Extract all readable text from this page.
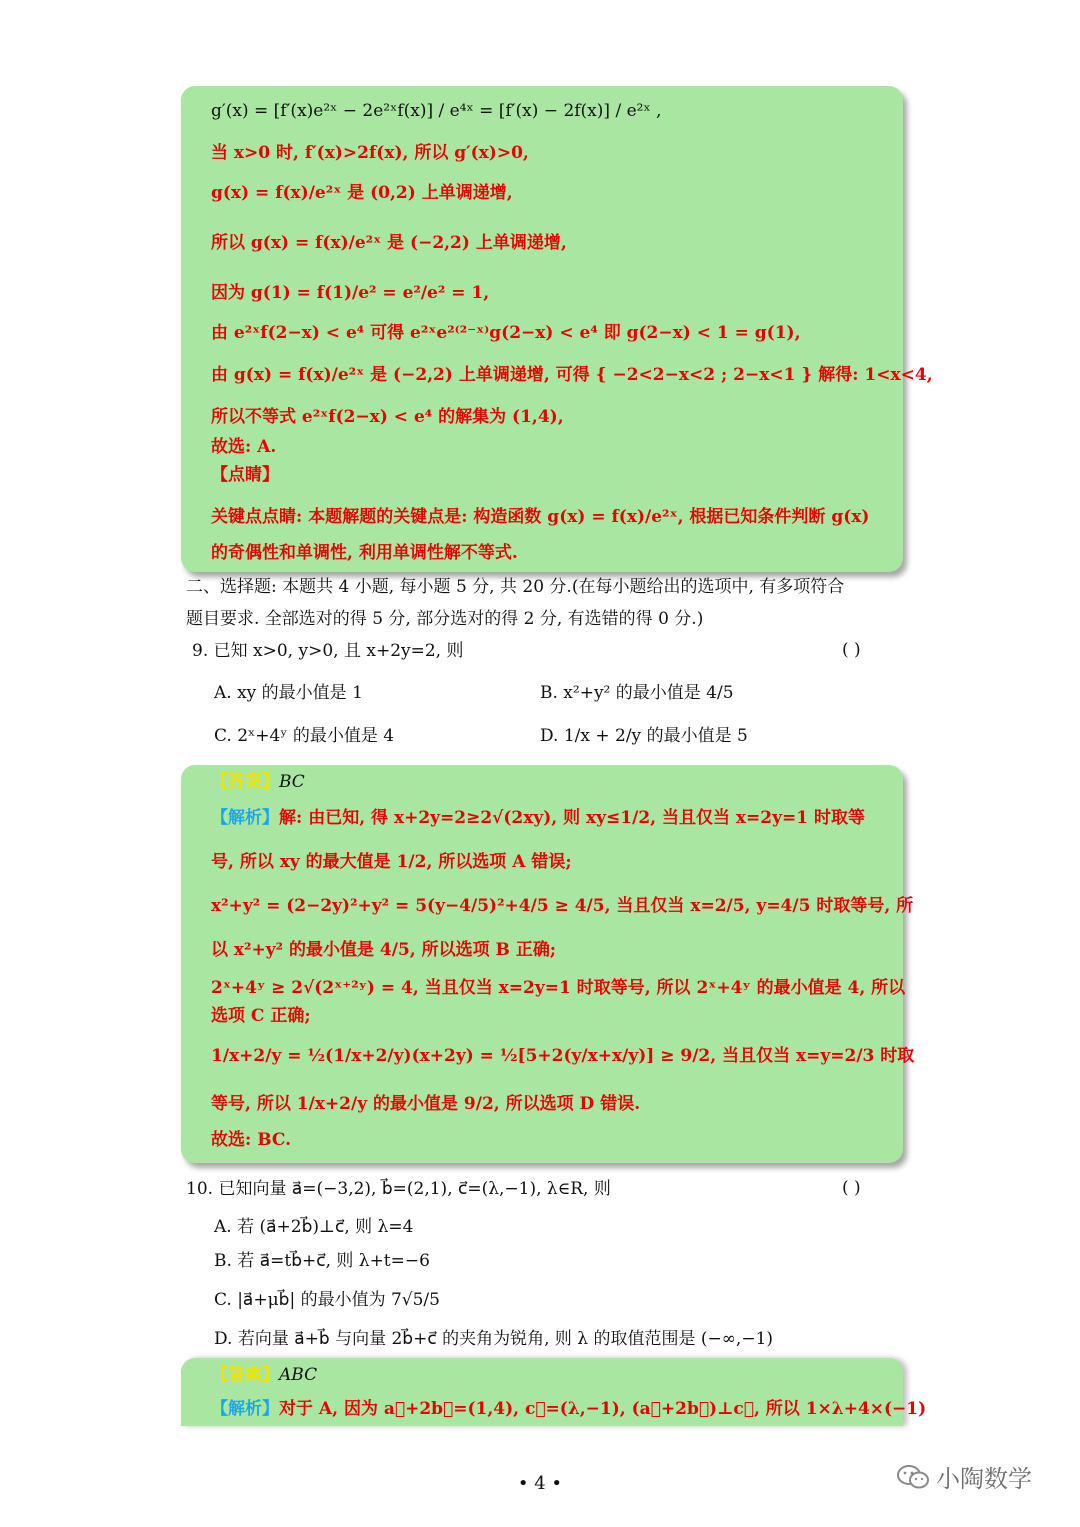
g′(x) = [f′(x)e²ˣ − 2e²ˣf(x)] / e⁴ˣ = [f′(x) − 2f(x)] / e²ˣ ,
当 x>0 时, f′(x)>2f(x), 所以 g′(x)>0,
g(x) = f(x)/e²ˣ 是 (0,2) 上单调递增,
所以 g(x) = f(x)/e²ˣ 是 (−2,2) 上单调递增,
因为 g(1) = f(1)/e² = e²/e² = 1,
由 e²ˣf(2−x) < e⁴ 可得 e²ˣe²⁽²⁻ˣ⁾g(2−x) < e⁴ 即 g(2−x) < 1 = g(1),
由 g(x) = f(x)/e²ˣ 是 (−2,2) 上单调递增, 可得 { −2<2−x<2 ; 2−x<1 } 解得: 1<x<4,
所以不等式 e²ˣf(2−x) < e⁴ 的解集为 (1,4),
故选: A.
【点睛】
关键点点睛: 本题解题的关键点是: 构造函数 g(x) = f(x)/e²ˣ, 根据已知条件判断 g(x)
的奇偶性和单调性, 利用单调性解不等式.
二、选择题: 本题共 4 小题, 每小题 5 分, 共 20 分.(在每小题给出的选项中, 有多项符合
题目要求. 全部选对的得 5 分, 部分选对的得 2 分, 有选错的得 0 分.)
9. 已知 x>0, y>0, 且 x+2y=2, 则	( )
A. xy 的最小值是 1	B. x²+y² 的最小值是 4/5
C. 2ˣ+4ʸ 的最小值是 4	D. 1/x + 2/y 的最小值是 5
【答案】BC
【解析】解: 由已知, 得 x+2y=2≥2√(2xy), 则 xy≤1/2, 当且仅当 x=2y=1 时取等
号, 所以 xy 的最大值是 1/2, 所以选项 A 错误;
x²+y² = (2−2y)²+y² = 5(y−4/5)²+4/5 ≥ 4/5, 当且仅当 x=2/5, y=4/5 时取等号, 所
以 x²+y² 的最小值是 4/5, 所以选项 B 正确;
2ˣ+4ʸ ≥ 2√(2ˣ⁺²ʸ) = 4, 当且仅当 x=2y=1 时取等号, 所以 2ˣ+4ʸ 的最小值是 4, 所以
选项 C 正确;
1/x+2/y = ½(1/x+2/y)(x+2y) = ½[5+2(y/x+x/y)] ≥ 9/2, 当且仅当 x=y=2/3 时取
等号, 所以 1/x+2/y 的最小值是 9/2, 所以选项 D 错误.
故选: BC.
10. 已知向量 a⃗=(−3,2), b⃗=(2,1), c⃗=(λ,−1), λ∈R, 则	( )
A. 若 (a⃗+2b⃗)⊥c⃗, 则 λ=4
B. 若 a⃗=tb⃗+c⃗, 则 λ+t=−6
C. |a⃗+μb⃗| 的最小值为 7√5/5
D. 若向量 a⃗+b⃗ 与向量 2b⃗+c⃗ 的夹角为锐角, 则 λ 的取值范围是 (−∞,−1)
【答案】ABC
【解析】对于 A, 因为 a⃗+2b⃗=(1,4), c⃗=(λ,−1), (a⃗+2b⃗)⊥c⃗, 所以 1×λ+4×(−1)
• 4 •	小陶数学
